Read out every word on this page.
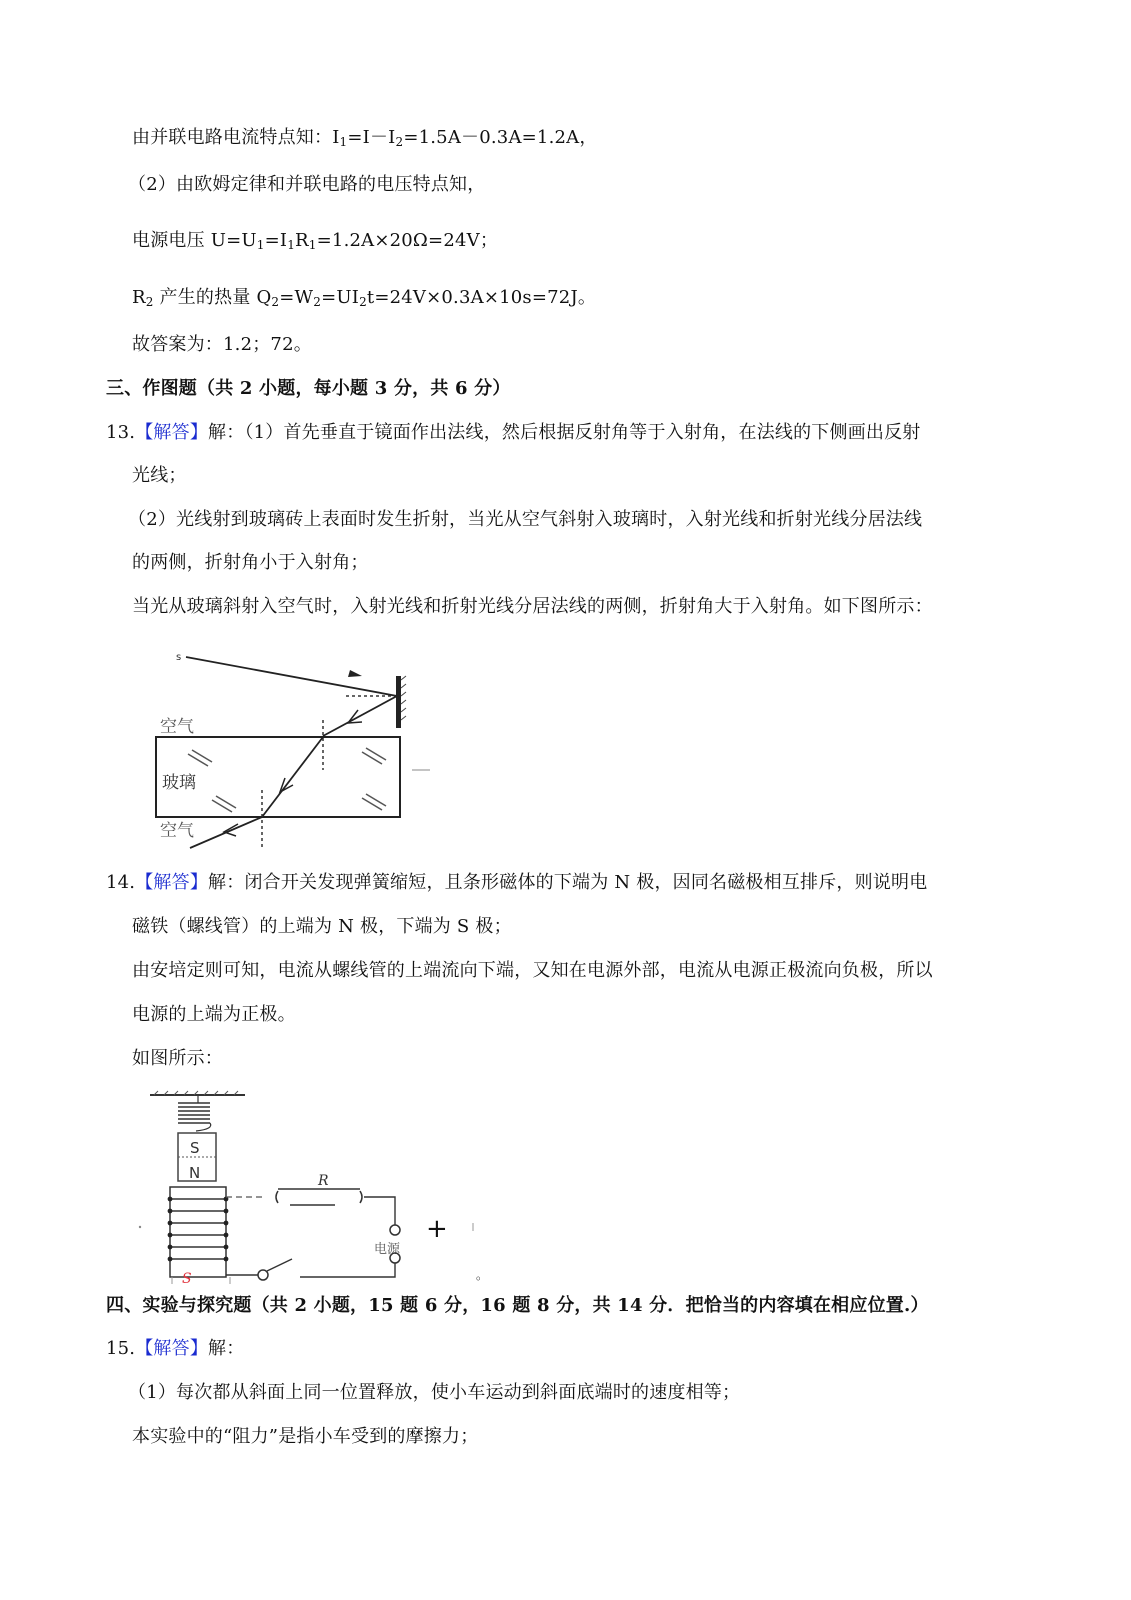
由并联电路电流特点知：$I_1=I-I_2=1.5A-0.3A=1.2A$，
（2）由欧姆定律和并联电路的电压特点知，
电源电压 $U=U_1=I_1R_1=1.2A\times 20\Omega=24V$；
$R_2$ 产生的热量 $Q_2=W_2=UI_2t=24V\times 0.3A\times 10s=72J$。
故答案为：1.2；72。
三、作图题（共 2 小题，每小题 3 分，共 6 分）
13.【解答】解：（1）首先垂直于镜面作出法线，然后根据反射角等于入射角，在法线的下侧画出反射
光线；
（2）光线射到玻璃砖上表面时发生折射，当光从空气斜射入玻璃时，入射光线和折射光线分居法线
的两侧，折射角小于入射角；
当光从玻璃斜射入空气时，入射光线和折射光线分居法线的两侧，折射角大于入射角。如下图所示：
s
空气
玻璃
空气
14.【解答】解：闭合开关发现弹簧缩短，且条形磁体的下端为 N 极，因同名磁极相互排斥，则说明电
磁铁（螺线管）的上端为 N 极，下端为 S 极；
由安培定则可知，电流从螺线管的上端流向下端，又知在电源外部，电流从电源正极流向负极，所以
电源的上端为正极。
如图所示：
S
N	R
电源
+
S	。
四、实验与探究题（共 2 小题，15 题 6 分，16 题 8 分，共 14 分．把恰当的内容填在相应位置.）
15.【解答】解：
（1）每次都从斜面上同一位置释放，使小车运动到斜面底端时的速度相等；
本实验中的“阻力”是指小车受到的摩擦力；
